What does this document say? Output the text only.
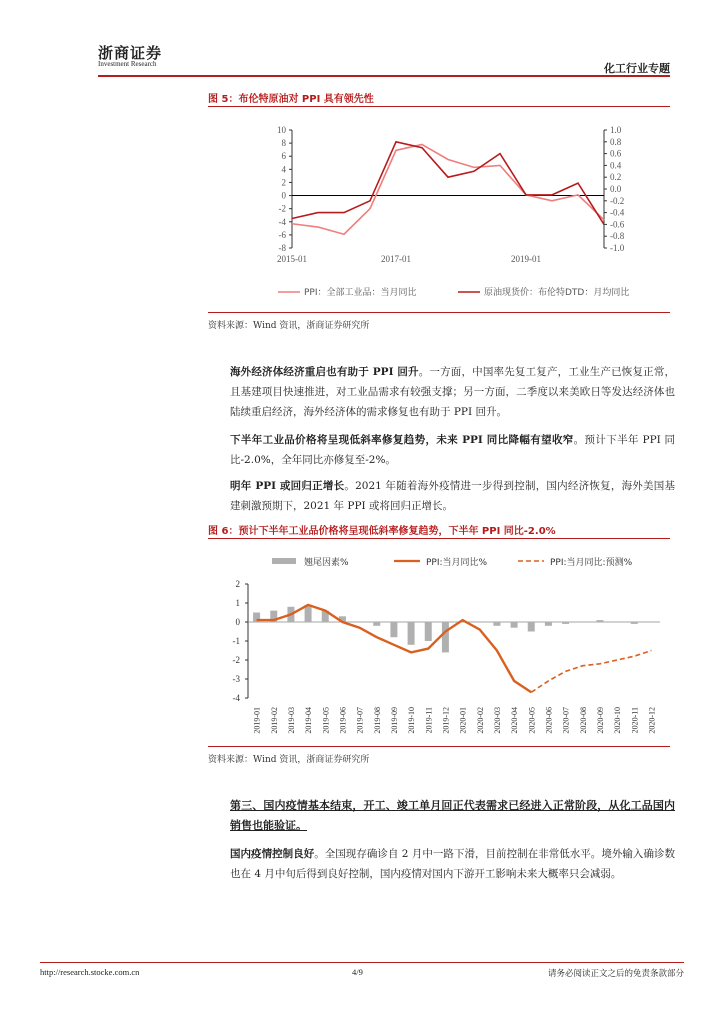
浙商证券
Investment Research	化工行业专题
图 5：布伦特原油对 PPI 具有领先性
10
8
6
4
2
0
-2
-4
-6
-8
1.0
0.8
0.6
0.4
0.2
0.0
-0.2
-0.4
-0.6
-0.8
-1.0
2015-01	2017-01	2019-01
PPI：全部工业品：当月同比	原油现货价：布伦特DTD：月均同比
资料来源：Wind 资讯，浙商证券研究所
海外经济体经济重启也有助于 PPI 回升。一方面，中国率先复工复产，工业生产已恢复正常，且基建项目快速推进，对工业品需求有较强支撑；另一方面，二季度以来美欧日等发达经济体也陆续重启经济，海外经济体的需求修复也有助于 PPI 回升。
下半年工业品价格将呈现低斜率修复趋势，未来 PPI 同比降幅有望收窄。预计下半年 PPI 同比-2.0%，全年同比亦修复至-2%。
明年 PPI 或回归正增长。2021 年随着海外疫情进一步得到控制，国内经济恢复，海外美国基建刺激预期下，2021 年 PPI 或将回归正增长。
图 6：预计下半年工业品价格将呈现低斜率修复趋势，下半年 PPI 同比-2.0%
2
1
0
-1
-2
-3
-4
2019-01 2019-02 2019-03 2019-04 2019-05 2019-06 2019-07 2019-08 2019-09 2019-10 2019-11 2019-12 2020-01 2020-02 2020-03 2020-04 2020-05 2020-06 2020-07 2020-08 2020-09 2020-10 2020-11 2020-12
翘尾因素%	PPI:当月同比%	PPI:当月同比:预测%
资料来源：Wind 资讯，浙商证券研究所
第三、国内疫情基本结束，开工、竣工单月回正代表需求已经进入正常阶段，从化工品国内销售也能验证。
国内疫情控制良好。全国现存确诊自 2 月中一路下滑，目前控制在非常低水平。境外输入确诊数也在 4 月中旬后得到良好控制，国内疫情对国内下游开工影响未来大概率只会减弱。
http://research.stocke.com.cn	4/9	请务必阅读正文之后的免责条款部分
